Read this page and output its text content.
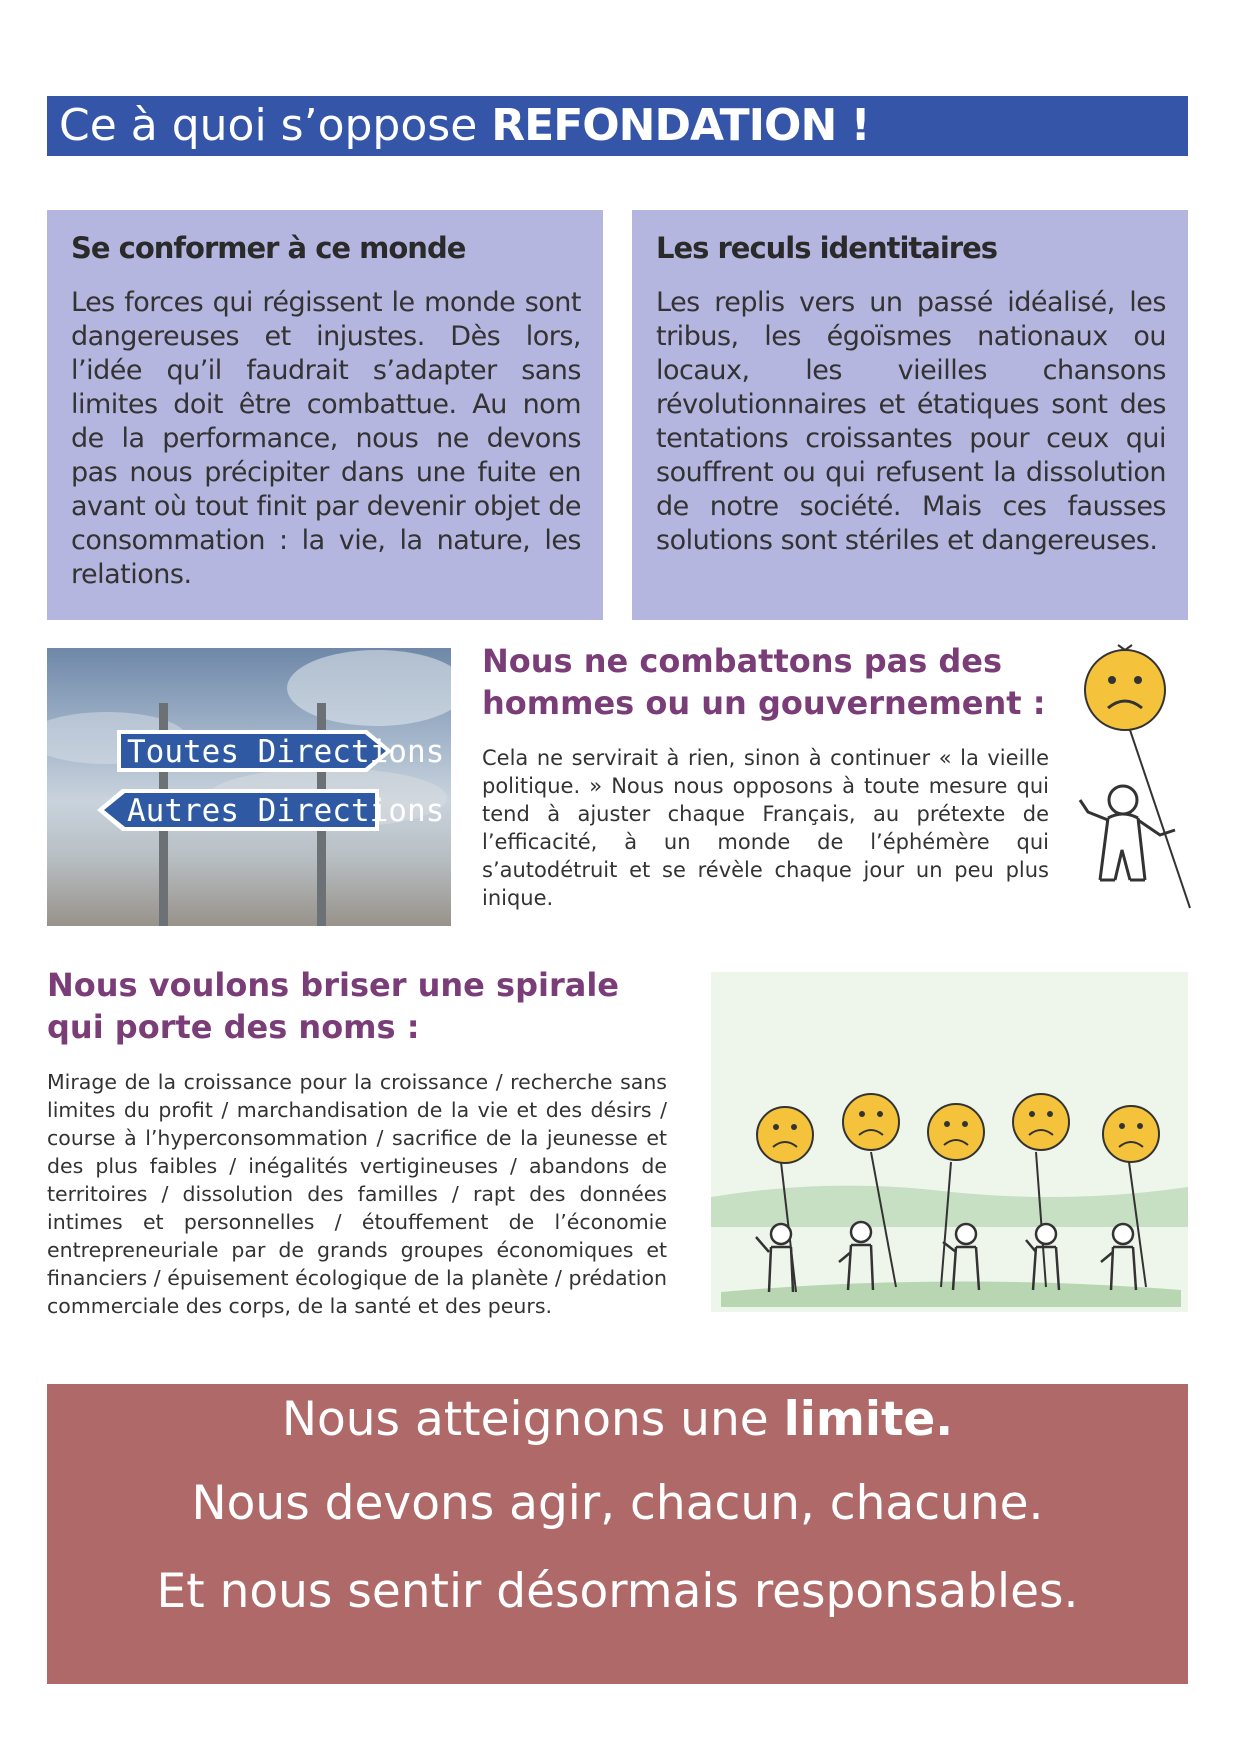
Ce à quoi s’oppose REFONDATION !
Se conformer à ce monde

Les forces qui régissent le monde sont dangereuses et injustes. Dès lors, l’idée qu’il faudrait s’adapter sans limites doit être combattue. Au nom de la performance, nous ne devons pas nous précipiter dans une fuite en avant où tout finit par devenir objet de consommation : la vie, la nature, les relations.

Les reculs identitaires

Les replis vers un passé idéalisé, les tribus, les égoïsmes nationaux ou locaux, les vieilles chansons révolutionnaires et étatiques sont des tentations croissantes pour ceux qui souffrent ou qui refusent la dissolution de notre société. Mais ces fausses solutions sont stériles et dangereuses.

Toutes Directions
Autres Directions
Nous ne combattons pas des hommes ou un gouvernement :
Cela ne servirait à rien, sinon à continuer « la vieille politique. » Nous nous opposons à toute mesure qui tend à ajuster chaque Français, au prétexte de l’efficacité, à un monde de l’éphémère qui s’autodétruit et se révèle chaque jour un peu plus inique.
Nous voulons briser une spirale qui porte des noms :
Mirage de la croissance pour la croissance / recherche sans limites du profit / marchandisation de la vie et des désirs / course à l’hyperconsommation / sacrifice de la jeunesse et des plus faibles / inégalités vertigineuses / abandons de territoires / dissolution des familles / rapt des données intimes et personnelles / étouffement de l’économie entrepreneuriale par de grands groupes économiques et financiers / épuisement écologique de la planète / prédation commerciale des corps, de la santé et des peurs.
Nous atteignons une limite.
Nous devons agir, chacun, chacune.
Et nous sentir désormais responsables.
